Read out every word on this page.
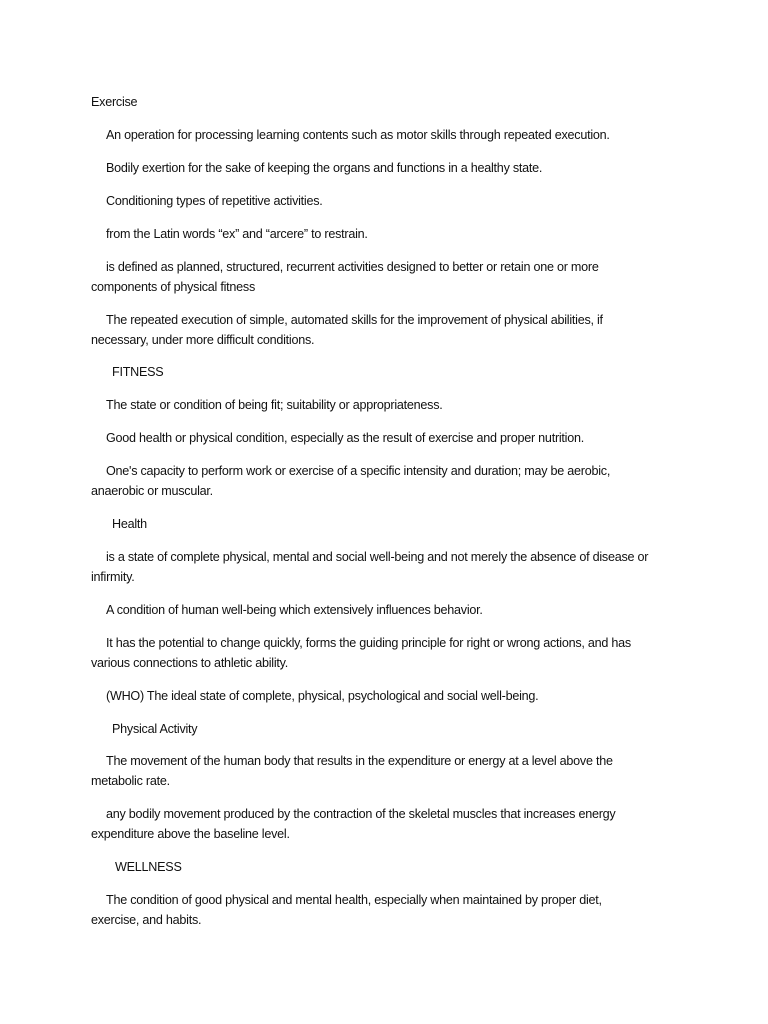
Exercise
An operation for processing learning contents such as motor skills through repeated execution.
Bodily exertion for the sake of keeping the organs and functions in a healthy state.
Conditioning types of repetitive activities.
from the Latin words “ex” and “arcere” to restrain.
is defined as planned, structured, recurrent activities designed to better or retain one or more components of physical fitness
The repeated execution of simple, automated skills for the improvement of physical abilities, if necessary, under more difficult conditions.
FITNESS
The state or condition of being fit; suitability or appropriateness.
Good health or physical condition, especially as the result of exercise and proper nutrition.
One's capacity to perform work or exercise of a specific intensity and duration; may be aerobic, anaerobic or muscular.
Health
is a state of complete physical, mental and social well-being and not merely the absence of disease or infirmity.
A condition of human well-being which extensively influences behavior.
It has the potential to change quickly, forms the guiding principle for right or wrong actions, and has various connections to athletic ability.
(WHO) The ideal state of complete, physical, psychological and social well-being.
Physical Activity
The movement of the human body that results in the expenditure or energy at a level above the metabolic rate.
any bodily movement produced by the contraction of the skeletal muscles that increases energy expenditure above the baseline level.
WELLNESS
The condition of good physical and mental health, especially when maintained by proper diet, exercise, and habits.
